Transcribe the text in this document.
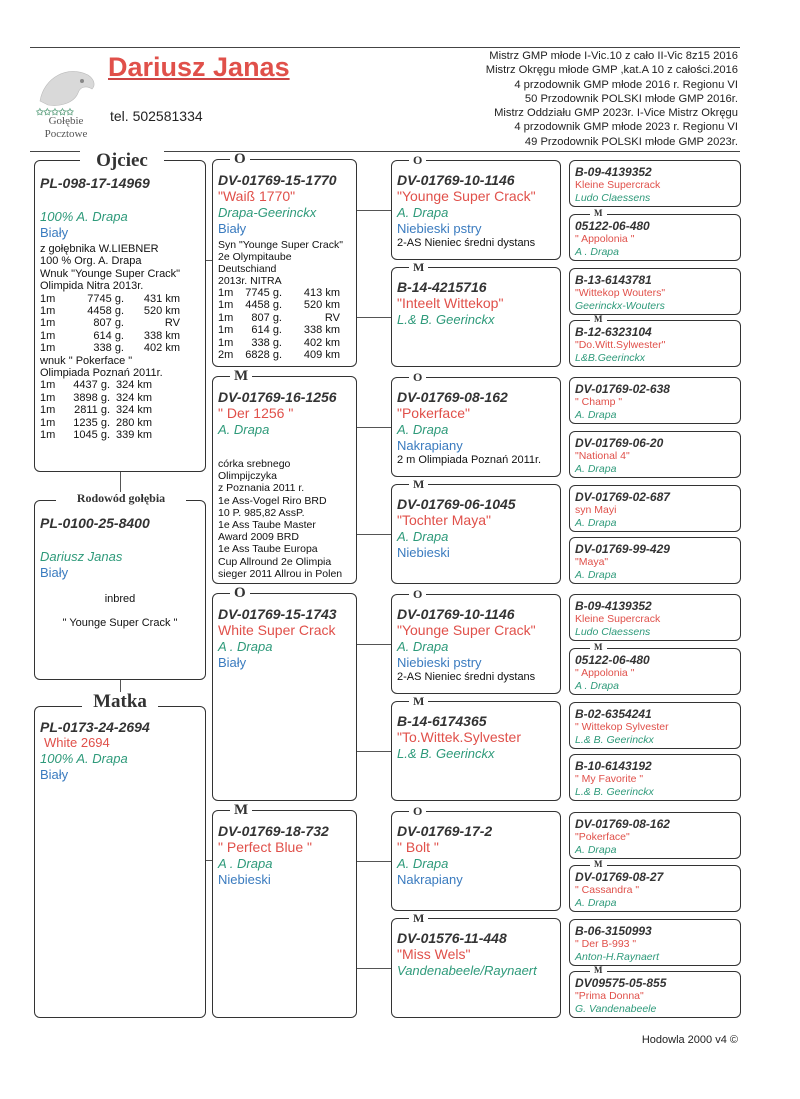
✩✩✩✩✩
Gołębie
Pocztowe
Dariusz Janas
tel. 502581334
Mistrz GMP młode I-Vic.10 z cało II-Vic 8z15 2016
Mistrz Okręgu młode GMP ,kat.A 10 z całości.2016
4 przodownik GMP młode 2016 r. Regionu VI
50 Przodownik POLSKI młode GMP 2016r.
Mistrz Oddziału GMP 2023r. I-Vice Mistrz Okręgu
4 przodownik GMP młode 2023 r. Regionu VI
49 Przodownik POLSKI młode GMP 2023r.
PL-098-17-14969
100% A. Drapa
Biały
z gołębnika W.LIEBNER
100 % Org. A. Drapa
Wnuk "Younge Super Crack"
Olimpida Nitra 2013r.
1m	7745 g.	431 km
1m	4458 g.	520 km
1m	807 g.	RV
1m	614 g.	338 km
1m	338 g.	402 km
wnuk " Pokerface "
Olimpiada Poznań 2011r.
1m	4437 g.	324 km
1m	3898 g.	324 km
1m	2811 g.	324 km
1m	1235 g.	280 km
1m	1045 g.	339 km
Ojciec
PL-0100-25-8400
Dariusz Janas
Biały
inbred
" Younge Super Crack "
Rodowód gołębia
PL-0173-24-2694
White 2694
100% A. Drapa
Biały
Matka
DV-01769-15-1770
"Waiß 1770"
Drapa-Geerinckx
Biały
Syn "Younge Super Crack"
2e Olympitaube Deutschiand
2013r. NITRA
1m	7745 g.	413 km
1m	4458 g.	520 km
1m	807 g.	RV
1m	614 g.	338 km
1m	338 g.	402 km
2m	6828 g.	409 km
O
DV-01769-16-1256
" Der 1256 "
A. Drapa
córka srebnego Olimpijczyka
z Poznania 2011 r.
1e Ass-Vogel Riro BRD
10 P. 985,82 AssP.
1e Ass Taube Master
Award 2009 BRD
1e Ass Taube Europa
Cup Allround 2e Olimpia
sieger 2011 Allrou in Polen
M
DV-01769-15-1743
White Super Crack
A . Drapa
Biały
O
DV-01769-18-732
" Perfect Blue "
A . Drapa
Niebieski
M
DV-01769-10-1146
"Younge Super Crack"
A. Drapa
Niebieski pstry
2-AS Nieniec średni dystans
O
B-14-4215716
"Inteelt Wittekop"
L.& B. Geerinckx
M
DV-01769-08-162
"Pokerface"
A. Drapa
Nakrapiany
2 m Olimpiada Poznań 2011r.
O
DV-01769-06-1045
"Tochter Maya"
A. Drapa
Niebieski
M
DV-01769-10-1146
"Younge Super Crack"
A. Drapa
Niebieski pstry
2-AS Nieniec średni dystans
O
B-14-6174365
"To.Wittek.Sylvester
L.& B. Geerinckx
M
DV-01769-17-2
" Bolt "
A. Drapa
Nakrapiany
O
DV-01576-11-448
"Miss Wels"
Vandenabeele/Raynaert
M
B-09-4139352
Kleine Supercrack
Ludo Claessens
05122-06-480
" Appolonia "
A . Drapa
M
B-13-6143781
"Wittekop Wouters"
Geerinckx-Wouters
B-12-6323104
"Do.Witt.Sylwester"
L&B.Geerinckx
M
DV-01769-02-638
" Champ "
A. Drapa
DV-01769-06-20
"National 4"
A. Drapa
DV-01769-02-687
syn Mayi
A. Drapa
DV-01769-99-429
"Maya"
A. Drapa
B-09-4139352
Kleine Supercrack
Ludo Claessens
05122-06-480
" Appolonia "
A . Drapa
M
B-02-6354241
" Wittekop Sylvester
L.& B. Geerinckx
B-10-6143192
" My Favorite "
L.& B. Geerinckx
DV-01769-08-162
"Pokerface"
A. Drapa
DV-01769-08-27
" Cassandra "
A. Drapa
M
B-06-3150993
" Der B-993 "
Anton-H.Raynaert
DV09575-05-855
"Prima Donna"
G. Vandenabeele
M
Hodowla 2000 v4 ©
